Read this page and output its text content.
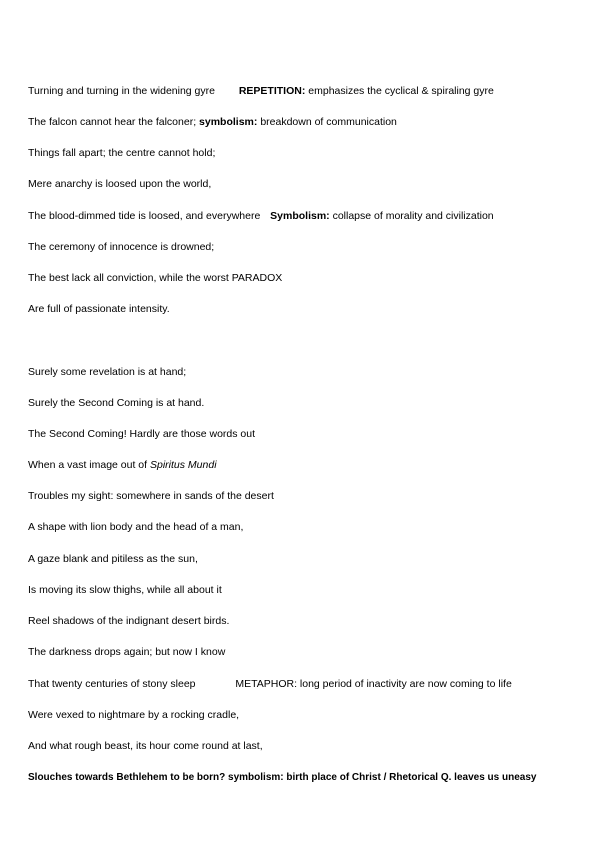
Turning and turning in the widening gyre REPETITION: emphasizes the cyclical & spiraling gyre
The falcon cannot hear the falconer; symbolism: breakdown of communication
Things fall apart; the centre cannot hold;
Mere anarchy is loosed upon the world,
The blood-dimmed tide is loosed, and everywhere Symbolism: collapse of morality and civilization
The ceremony of innocence is drowned;
The best lack all conviction, while the worst PARADOX
Are full of passionate intensity.
Surely some revelation is at hand;
Surely the Second Coming is at hand.
The Second Coming! Hardly are those words out
When a vast image out of Spiritus Mundi
Troubles my sight: somewhere in sands of the desert
A shape with lion body and the head of a man,
A gaze blank and pitiless as the sun,
Is moving its slow thighs, while all about it
Reel shadows of the indignant desert birds.
The darkness drops again; but now I know
That twenty centuries of stony sleep	METAPHOR: long period of inactivity are now coming to life
Were vexed to nightmare by a rocking cradle,
And what rough beast, its hour come round at last,
Slouches towards Bethlehem to be born? symbolism: birth place of Christ / Rhetorical Q. leaves us uneasy
